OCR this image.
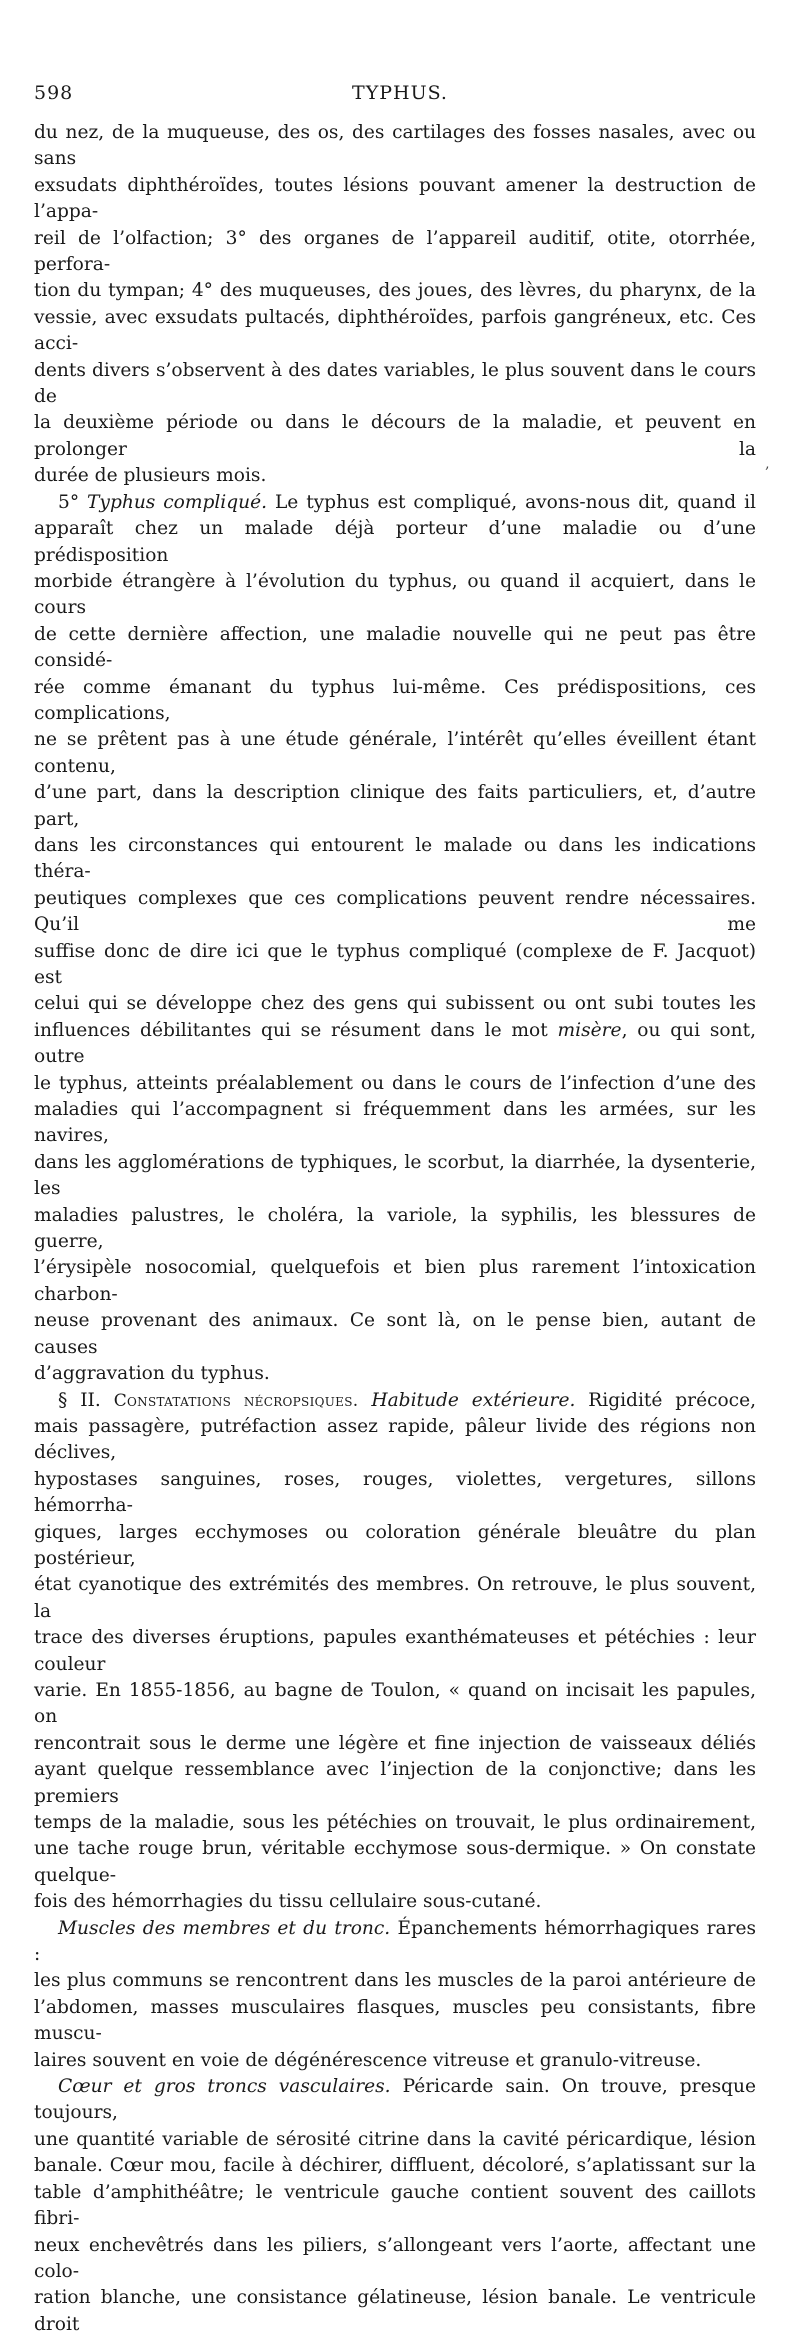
598	TYPHUS.
‚

du nez, de la muqueuse, des os, des cartilages des fosses nasales, avec ou sans
exsudats diphthéroïdes, toutes lésions pouvant amener la destruction de l’appa-
reil de l’olfaction; 3° des organes de l’appareil auditif, otite, otorrhée, perfora-
tion du tympan; 4° des muqueuses, des joues, des lèvres, du pharynx, de la
vessie, avec exsudats pultacés, diphthéroïdes, parfois gangréneux, etc. Ces acci-
dents divers s’observent à des dates variables, le plus souvent dans le cours de
la deuxième période ou dans le décours de la maladie, et peuvent en prolonger la

durée de plusieurs mois.

5° Typhus compliqué. Le typhus est compliqué, avons-nous dit, quand il
apparaît chez un malade déjà porteur d’une maladie ou d’une prédisposition
morbide étrangère à l’évolution du typhus, ou quand il acquiert, dans le cours
de cette dernière affection, une maladie nouvelle qui ne peut pas être considé-
rée comme émanant du typhus lui-même. Ces prédispositions, ces complications,
ne se prêtent pas à une étude générale, l’intérêt qu’elles éveillent étant contenu,
d’une part, dans la description clinique des faits particuliers, et, d’autre part,
dans les circonstances qui entourent le malade ou dans les indications théra-
peutiques complexes que ces complications peuvent rendre nécessaires. Qu’il me
suffise donc de dire ici que le typhus compliqué (complexe de F. Jacquot) est
celui qui se développe chez des gens qui subissent ou ont subi toutes les
influences débilitantes qui se résument dans le mot misère, ou qui sont, outre
le typhus, atteints préalablement ou dans le cours de l’infection d’une des
maladies qui l’accompagnent si fréquemment dans les armées, sur les navires,
dans les agglomérations de typhiques, le scorbut, la diarrhée, la dysenterie, les
maladies palustres, le choléra, la variole, la syphilis, les blessures de guerre,
l’érysipèle nosocomial, quelquefois et bien plus rarement l’intoxication charbon-
neuse provenant des animaux. Ce sont là, on le pense bien, autant de causes

d’aggravation du typhus.

§ II. Constatations nécropsiques. Habitude extérieure. Rigidité précoce,
mais passagère, putréfaction assez rapide, pâleur livide des régions non déclives,
hypostases sanguines, roses, rouges, violettes, vergetures, sillons hémorrha-
giques, larges ecchymoses ou coloration générale bleuâtre du plan postérieur,
état cyanotique des extrémités des membres. On retrouve, le plus souvent, la
trace des diverses éruptions, papules exanthémateuses et pétéchies : leur couleur
varie. En 1855-1856, au bagne de Toulon, « quand on incisait les papules, on
rencontrait sous le derme une légère et fine injection de vaisseaux déliés
ayant quelque ressemblance avec l’injection de la conjonctive; dans les premiers
temps de la maladie, sous les pétéchies on trouvait, le plus ordinairement,
une tache rouge brun, véritable ecchymose sous-dermique. » On constate quelque-

fois des hémorrhagies du tissu cellulaire sous-cutané.

Muscles des membres et du tronc. Épanchements hémorrhagiques rares :
les plus communs se rencontrent dans les muscles de la paroi antérieure de
l’abdomen, masses musculaires flasques, muscles peu consistants, fibre muscu-

laires souvent en voie de dégénérescence vitreuse et granulo-vitreuse.

Cœur et gros troncs vasculaires. Péricarde sain. On trouve, presque toujours,
une quantité variable de sérosité citrine dans la cavité péricardique, lésion
banale. Cœur mou, facile à déchirer, diffluent, décoloré, s’aplatissant sur la
table d’amphithéâtre; le ventricule gauche contient souvent des caillots fibri-
neux enchevêtrés dans les piliers, s’allongeant vers l’aorte, affectant une colo-
ration blanche, une consistance gélatineuse, lésion banale. Le ventricule droit
